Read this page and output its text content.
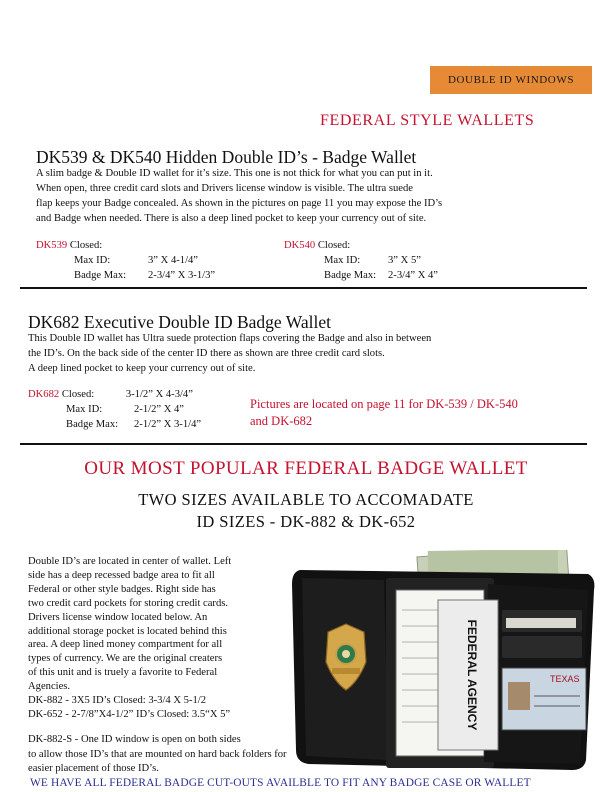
DOUBLE ID WINDOWS
FEDERAL STYLE WALLETS
DK539 & DK540 Hidden Double ID’s - Badge Wallet
A slim badge & Double ID wallet for it’s size. This one is not thick for what you can put in it.
When open, three credit card slots and Drivers license window is visible. The ultra suede
flap keeps your Badge concealed. As shown in the pictures on page 11 you may expose the ID’s
and Badge when needed. There is also a deep lined pocket to keep your currency out of site.
DK539 Closed:
Max ID:	3” X 4-1/4”
Badge Max: 2-3/4” X 3-1/3”
DK540 Closed:
Max ID:	3” X 5”
Badge Max: 2-3/4” X 4”
DK682 Executive Double ID Badge Wallet
This Double ID wallet has Ultra suede protection flaps covering the Badge and also in between
the ID’s. On the back side of the center ID there as shown are three credit card slots.
A deep lined pocket to keep your currency out of site.
DK682 Closed:	3-1/2” X 4-3/4”
Max ID:	2-1/2” X 4”
Badge Max: 2-1/2” X 3-1/4”
Pictures are located on page 11 for DK-539 / DK-540
and DK-682
OUR MOST POPULAR FEDERAL BADGE WALLET
TWO SIZES AVAILABLE TO ACCOMADATE
ID SIZES - DK-882 & DK-652
Double ID’s are located in center of wallet. Left
side has a deep recessed badge area to fit all
Federal or other style badges. Right side has
two credit card pockets for storing credit cards.
Drivers license window located below. An
additional storage pocket is located behind this
area. A deep lined money compartment for all
types of currency. We are the original creaters
of this unit and is truely a favorite to Federal
Agencies.
DK-882 - 3X5 ID’s Closed: 3-3/4 X 5-1/2
DK-652 - 2-7/8”X4-1/2” ID’s Closed: 3.5“X 5”
DK-882-S - One ID window is open on both sides
to allow those ID’s that are mounted on hard back folders for
easier placement of those ID’s.
FEDERAL AGENCY	TEXAS
WE HAVE ALL FEDERAL BADGE CUT-OUTS AVAILBLE TO FIT ANY BADGE CASE OR WALLET
